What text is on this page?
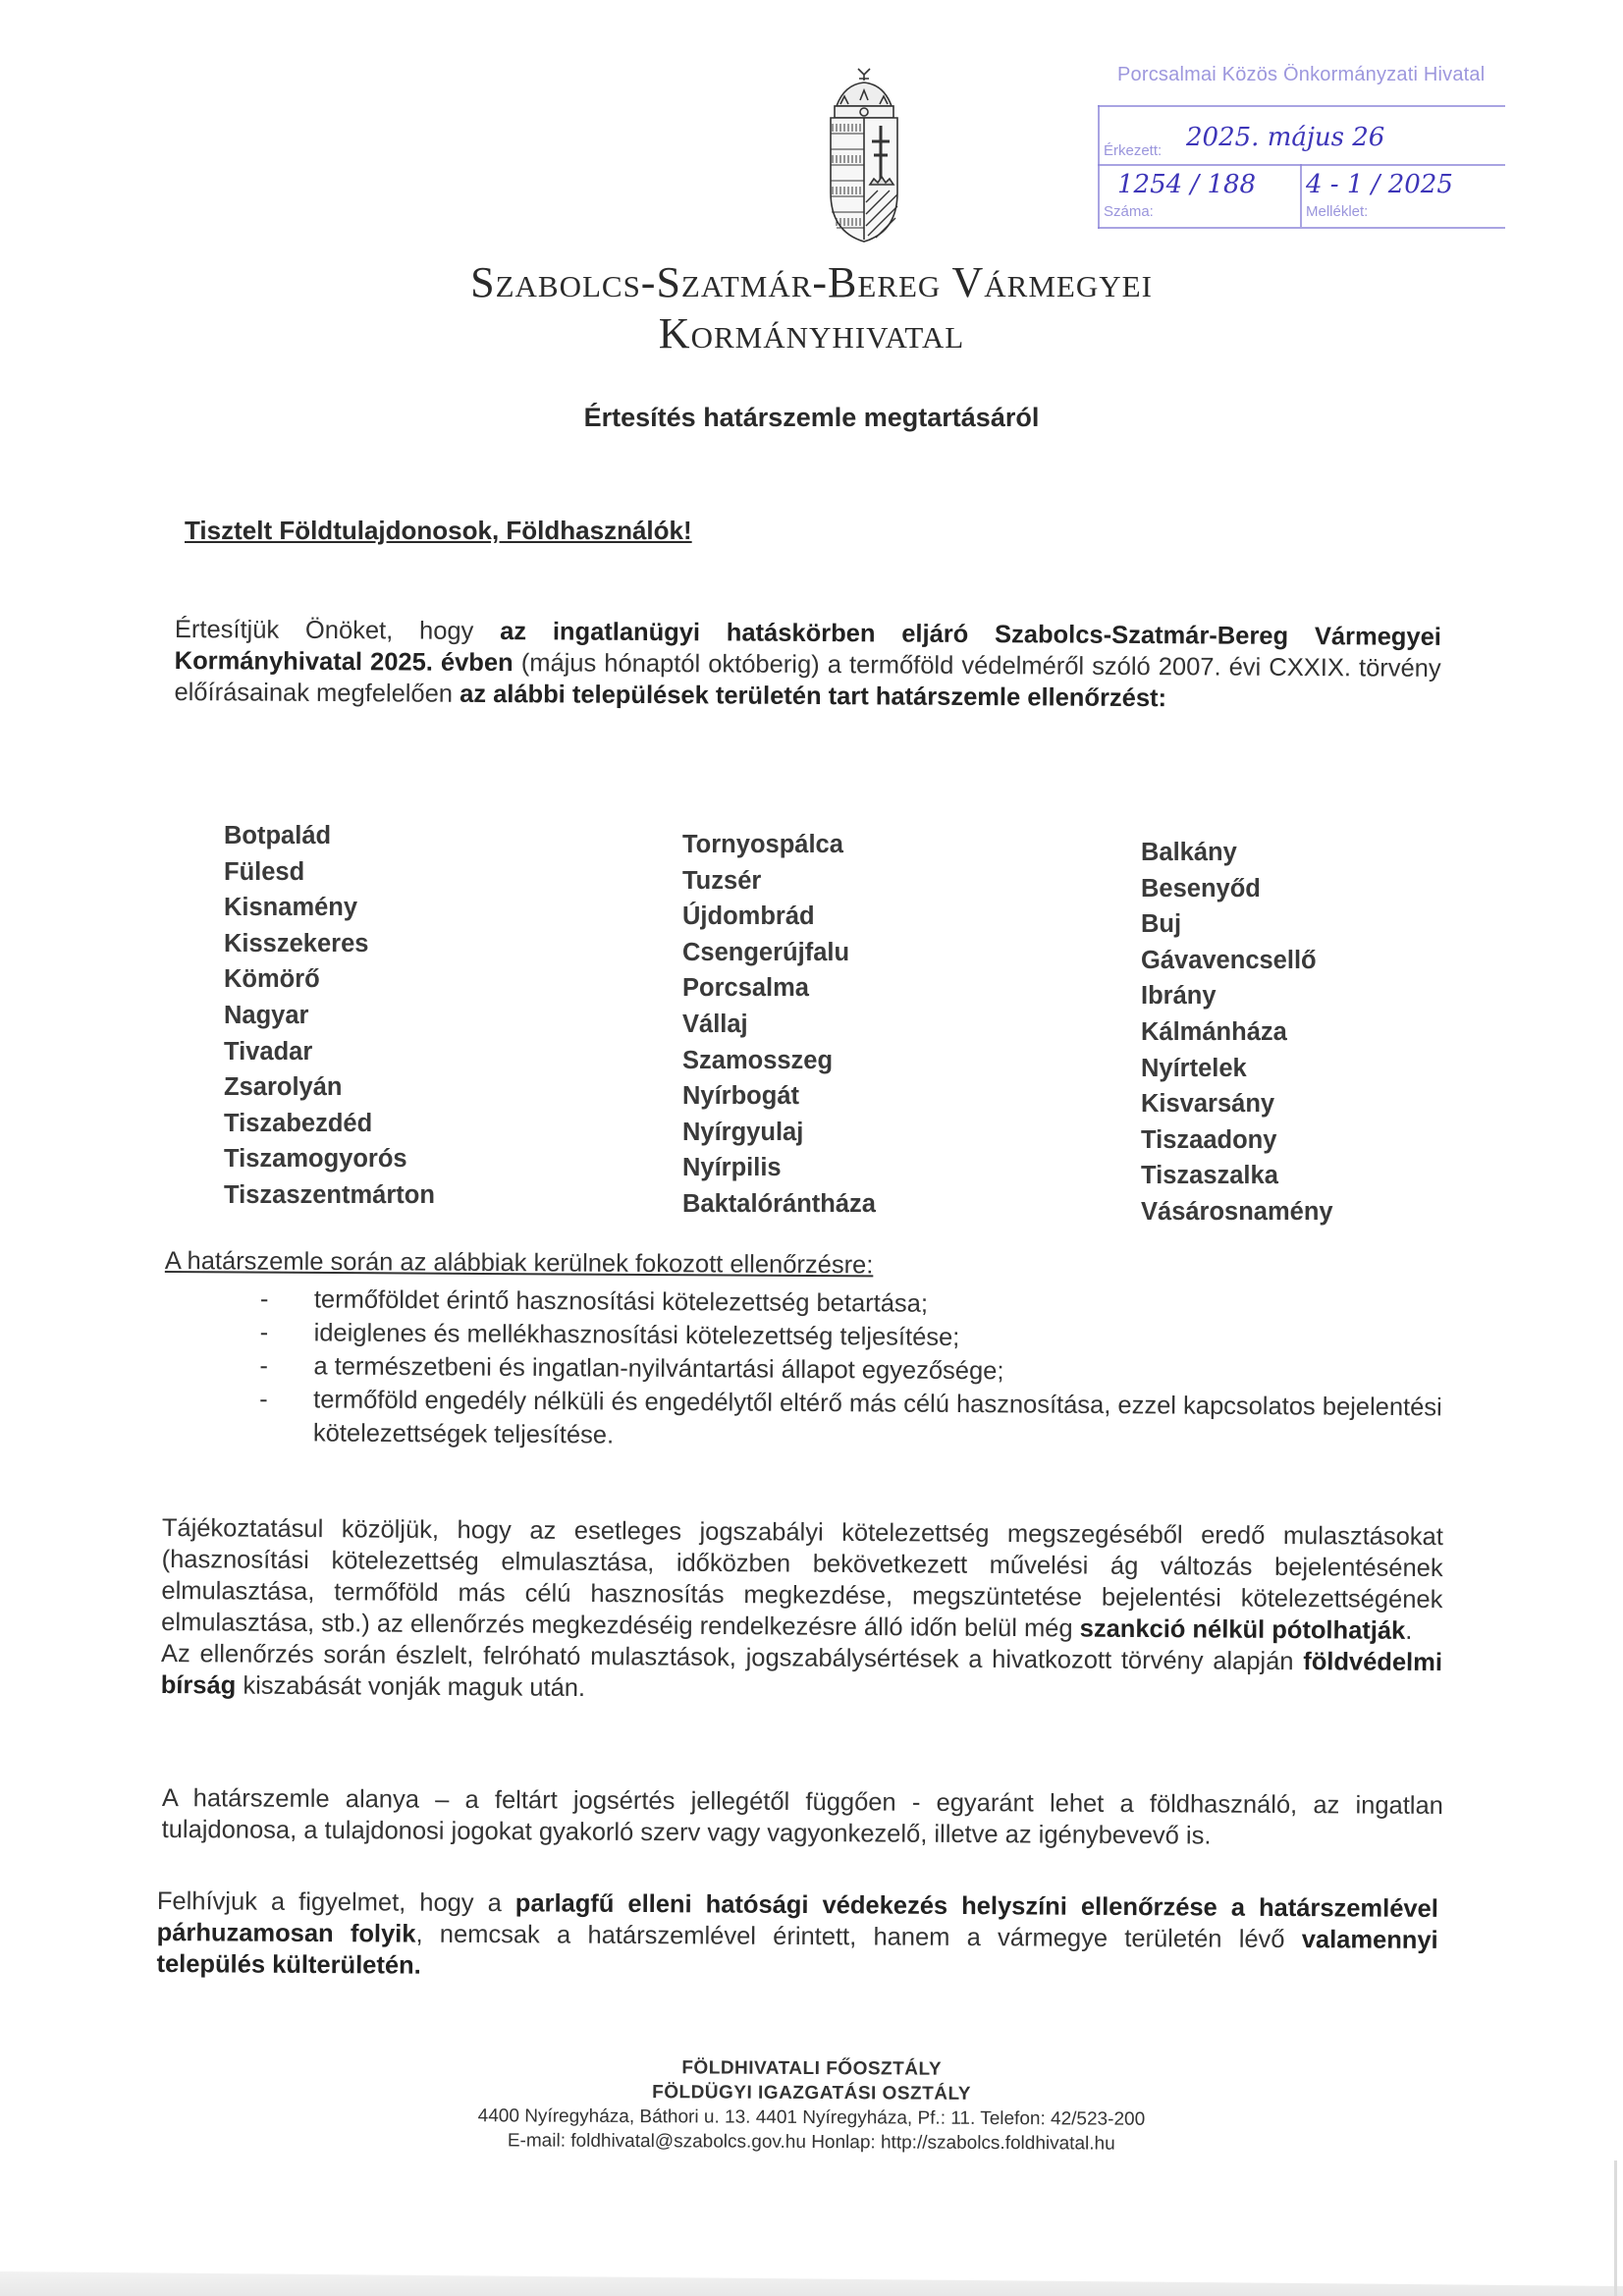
Porcsalmai Közös Önkormányzati Hivatal
Érkezett: 2025. május 26
1254 / 188
Száma:
4 - 1 / 2025
Melléklet:
Szabolcs-Szatmár-Bereg Vármegyei
Kormányhivatal
Értesítés határszemle megtartásáról
Tisztelt Földtulajdonosok, Földhasználók!
Értesítjük Önöket, hogy az ingatlanügyi hatáskörben eljáró Szabolcs-Szatmár-Bereg Vármegyei Kormányhivatal 2025. évben (május hónaptól októberig) a termőföld védelméről szóló 2007. évi CXXIX. törvény előírásainak megfelelően az alábbi települések területén tart határszemle ellenőrzést:
Botpalád
Fülesd
Kisnamény
Kisszekeres
Kömörő
Nagyar
Tivadar
Zsarolyán
Tiszabezdéd
Tiszamogyorós
Tiszaszentmárton
Tornyospálca
Tuzsér
Újdombrád
Csengerújfalu
Porcsalma
Vállaj
Szamosszeg
Nyírbogát
Nyírgyulaj
Nyírpilis
Baktalórántháza
Balkány
Besenyőd
Buj
Gávavencsellő
Ibrány
Kálmánháza
Nyírtelek
Kisvarsány
Tiszaadony
Tiszaszalka
Vásárosnamény
A határszemle során az alábbiak kerülnek fokozott ellenőrzésre:
- termőföldet érintő hasznosítási kötelezettség betartása;
- ideiglenes és mellékhasznosítási kötelezettség teljesítése;
- a természetbeni és ingatlan-nyilvántartási állapot egyezősége;
- termőföld engedély nélküli és engedélytől eltérő más célú hasznosítása, ezzel kapcsolatos bejelentési kötelezettségek teljesítése.
Tájékoztatásul közöljük, hogy az esetleges jogszabályi kötelezettség megszegéséből eredő mulasztásokat (hasznosítási kötelezettség elmulasztása, időközben bekövetkezett művelési ág változás bejelentésének elmulasztása, termőföld más célú hasznosítás megkezdése, megszüntetése bejelentési kötelezettségének elmulasztása, stb.) az ellenőrzés megkezdéséig rendelkezésre álló időn belül még szankció nélkül pótolhatják.
Az ellenőrzés során észlelt, felróható mulasztások, jogszabálysértések a hivatkozott törvény alapján földvédelmi bírság kiszabását vonják maguk után.
A határszemle alanya – a feltárt jogsértés jellegétől függően - egyaránt lehet a földhasználó, az ingatlan tulajdonosa, a tulajdonosi jogokat gyakorló szerv vagy vagyonkezelő, illetve az igénybevevő is.
Felhívjuk a figyelmet, hogy a parlagfű elleni hatósági védekezés helyszíni ellenőrzése a határszemlével párhuzamosan folyik, nemcsak a határszemlével érintett, hanem a vármegye területén lévő valamennyi település külterületén.
FÖLDHIVATALI FŐOSZTÁLY
FÖLDÜGYI IGAZGATÁSI OSZTÁLY
4400 Nyíregyháza, Báthori u. 13. 4401 Nyíregyháza, Pf.: 11. Telefon: 42/523-200
E-mail: foldhivatal@szabolcs.gov.hu Honlap: http://szabolcs.foldhivatal.hu
